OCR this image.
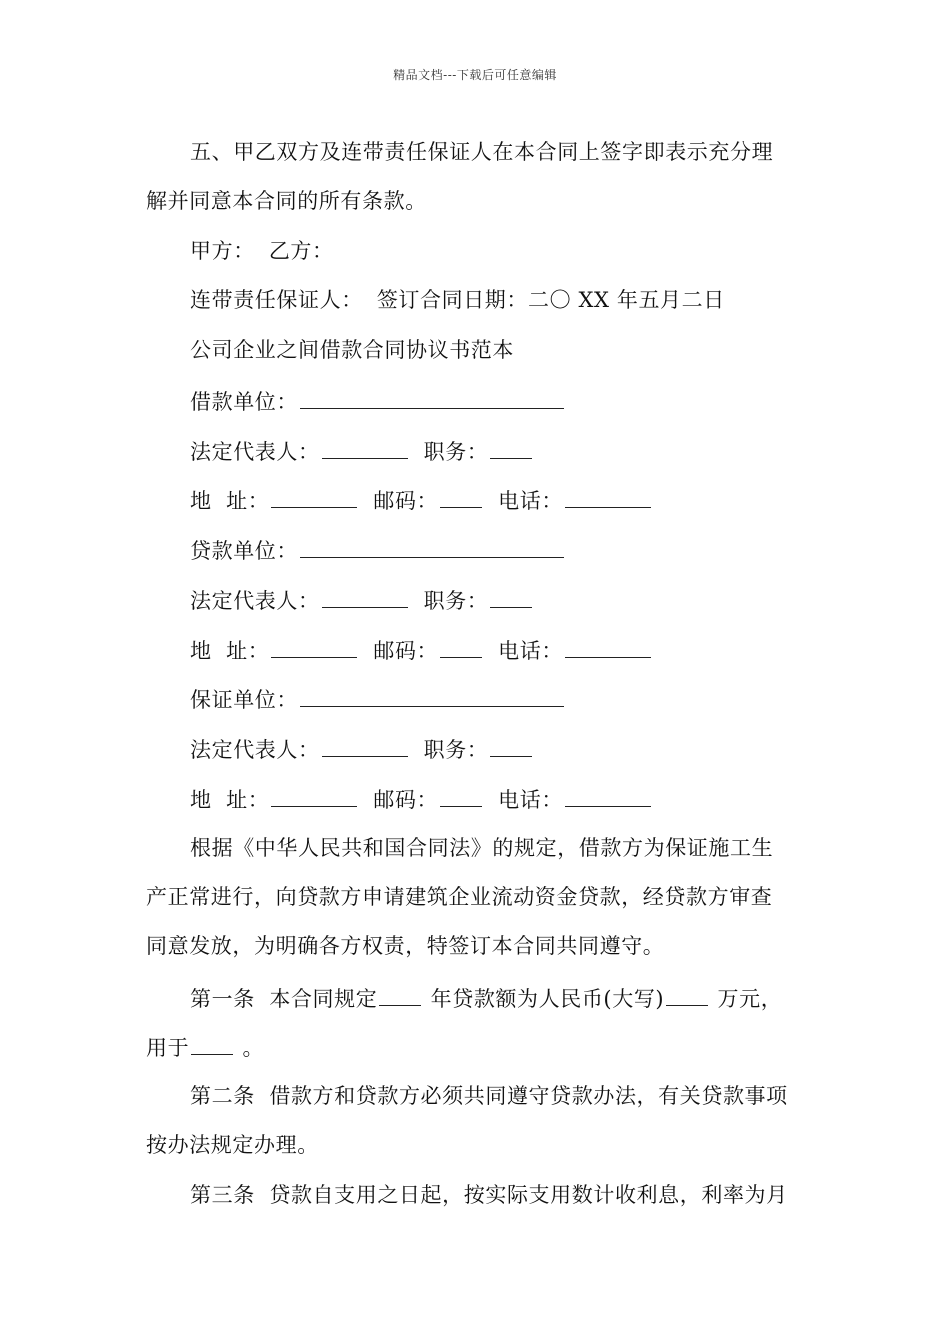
精品文档---下载后可任意编辑
五、甲乙双方及连带责任保证人在本合同上签字即表示充分理
解并同意本合同的所有条款。
甲方： 乙方：
连带责任保证人： 签订合同日期：二〇 XX 年五月二日
公司企业之间借款合同协议书范本
借款单位：
法定代表人：	职务：
地  址：	邮码：	电话：
贷款单位：
法定代表人：	职务：
地  址：	邮码：	电话：
保证单位：
法定代表人：	职务：
地  址：	邮码：	电话：
根据《中华人民共和国合同法》的规定，借款方为保证施工生
产正常进行，向贷款方申请建筑企业流动资金贷款，经贷款方审查
同意发放，为明确各方权责，特签订本合同共同遵守。
第一条  本合同规定 年贷款额为人民币(大写) 万元，
用于 。
第二条  借款方和贷款方必须共同遵守贷款办法，有关贷款事项
按办法规定办理。
第三条  贷款自支用之日起，按实际支用数计收利息，利率为月
